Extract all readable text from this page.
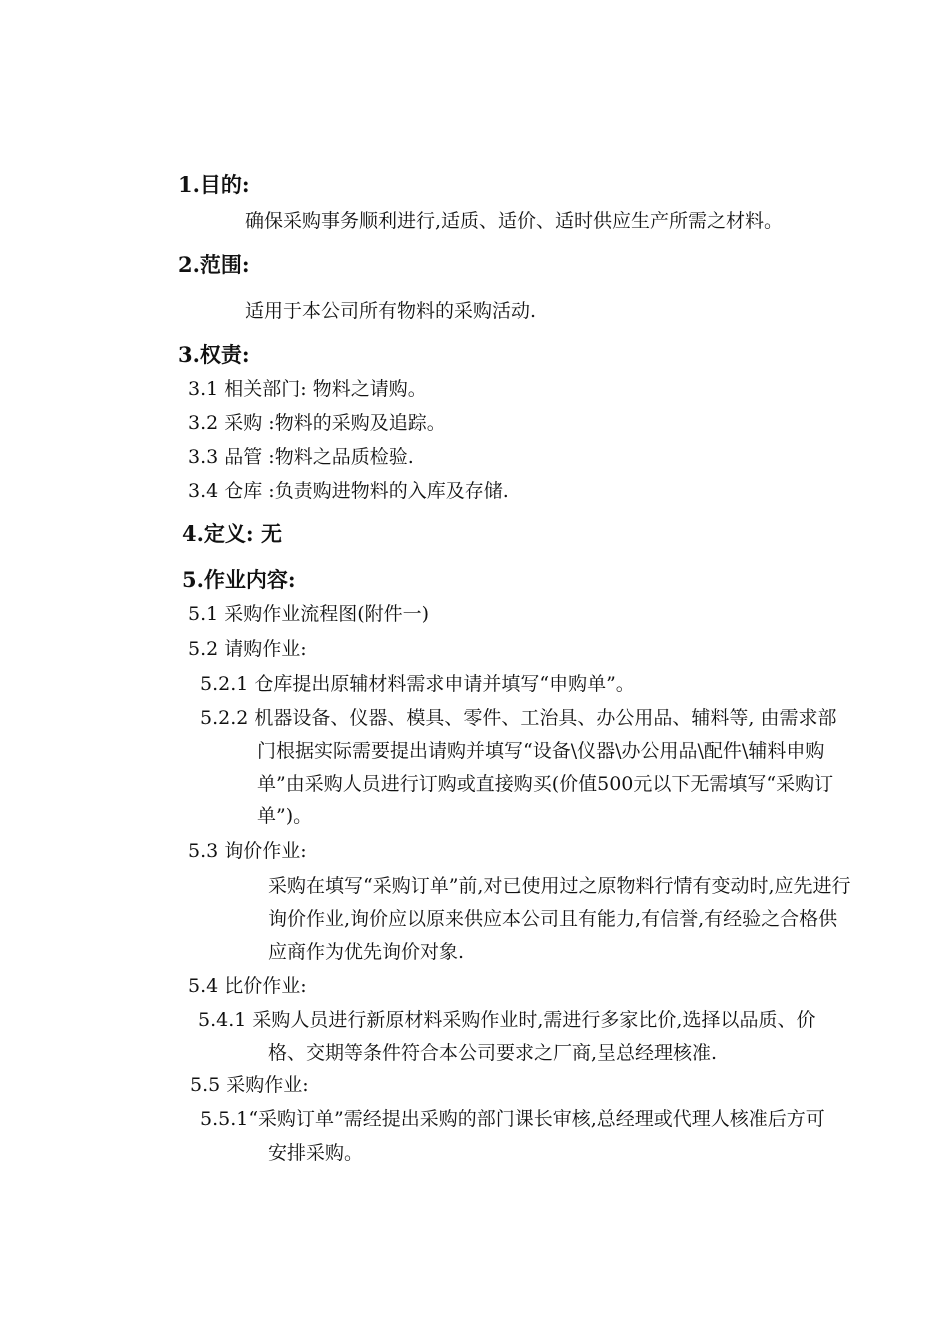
1.目的:
确保采购事务顺利进行,适质、适价、适时供应生产所需之材料。
2.范围:
适用于本公司所有物料的采购活动.
3.权责:
3.1 相关部门: 物料之请购。
3.2 采购 :物料的采购及追踪。
3.3 品管 :物料之品质检验.
3.4 仓库 :负责购进物料的入库及存储.
4.定义: 无
5.作业内容:
5.1 采购作业流程图(附件一)
5.2 请购作业:
5.2.1 仓库提出原辅材料需求申请并填写“申购单”。
5.2.2 机器设备、仪器、模具、零件、工治具、办公用品、辅料等, 由需求部
门根据实际需要提出请购并填写“设备\仪器\办公用品\配件\辅料申购
单”由采购人员进行订购或直接购买(价值500元以下无需填写“采购订
单”)。
5.3 询价作业:
采购在填写“采购订单”前,对已使用过之原物料行情有变动时,应先进行
询价作业,询价应以原来供应本公司且有能力,有信誉,有经验之合格供
应商作为优先询价对象.
5.4 比价作业:
5.4.1 采购人员进行新原材料采购作业时,需进行多家比价,选择以品质、价
格、交期等条件符合本公司要求之厂商,呈总经理核准.
5.5 采购作业:
5.5.1“采购订单”需经提出采购的部门课长审核,总经理或代理人核准后方可
安排采购。
